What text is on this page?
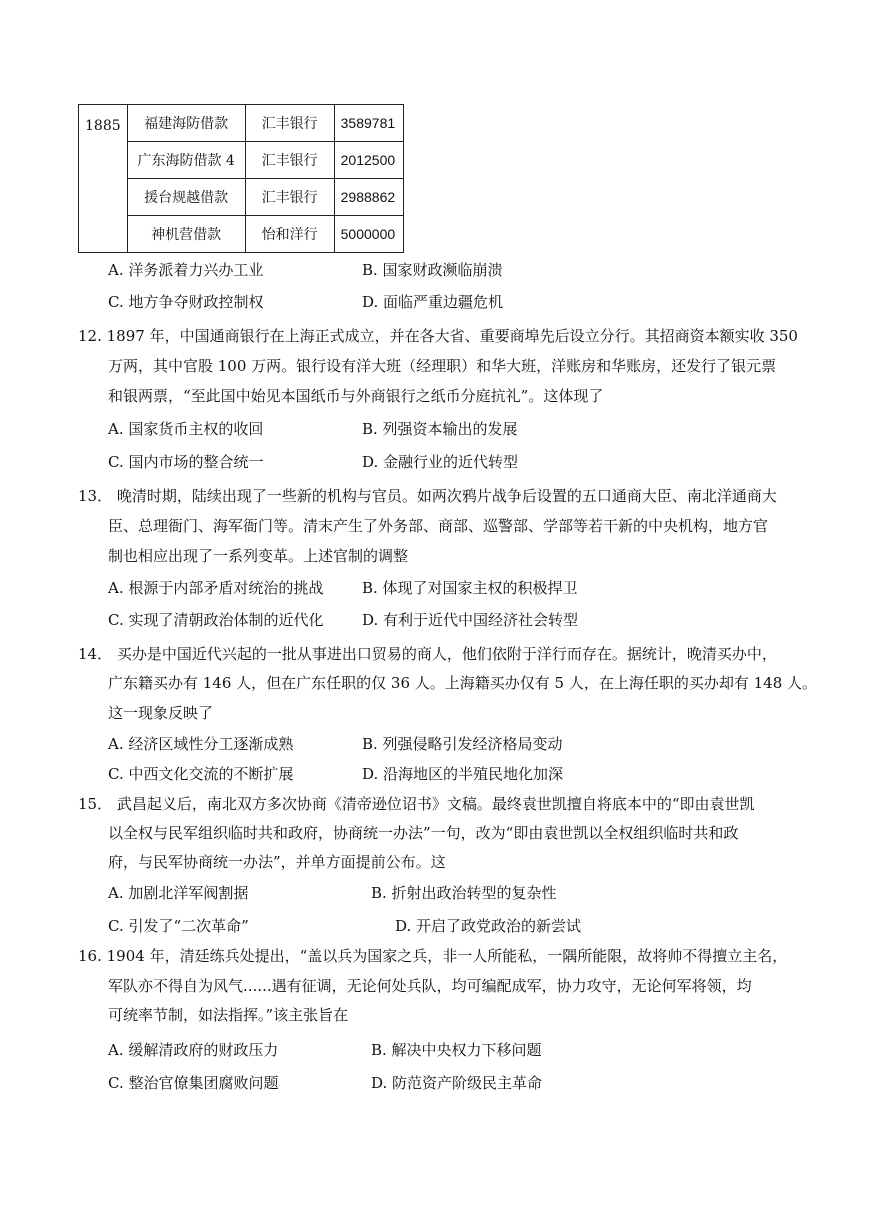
1885	福建海防借款	汇丰银行	3589781
	广东海防借款 4	汇丰银行	2012500
	援台规越借款	汇丰银行	2988862
	神机营借款	怡和洋行	5000000
A. 洋务派着力兴办工业	B. 国家财政濒临崩溃
C. 地方争夺财政控制权	D. 面临严重边疆危机
12. 1897 年，中国通商银行在上海正式成立，并在各大省、重要商埠先后设立分行。其招商资本额实收 350
万两，其中官股 100 万两。银行设有洋大班（经理职）和华大班，洋账房和华账房，还发行了银元票
和银两票，“至此国中始见本国纸币与外商银行之纸币分庭抗礼”。这体现了
A. 国家货币主权的收回	B. 列强资本输出的发展
C. 国内市场的整合统一	D. 金融行业的近代转型
13． 晚清时期，陆续出现了一些新的机构与官员。如两次鸦片战争后设置的五口通商大臣、南北洋通商大
臣、总理衙门、海军衙门等。清末产生了外务部、商部、巡警部、学部等若干新的中央机构，地方官
制也相应出现了一系列变革。上述官制的调整
A. 根源于内部矛盾对统治的挑战	B. 体现了对国家主权的积极捍卫
C. 实现了清朝政治体制的近代化	D. 有利于近代中国经济社会转型
14． 买办是中国近代兴起的一批从事进出口贸易的商人，他们依附于洋行而存在。据统计，晚清买办中，
广东籍买办有 146 人，但在广东任职的仅 36 人。上海籍买办仅有 5 人，在上海任职的买办却有 148 人。
这一现象反映了
A. 经济区域性分工逐渐成熟	B. 列强侵略引发经济格局变动
C. 中西文化交流的不断扩展	D. 沿海地区的半殖民地化加深
15． 武昌起义后，南北双方多次协商《清帝逊位诏书》文稿。最终袁世凯擅自将底本中的“即由袁世凯
以全权与民军组织临时共和政府，协商统一办法”一句，改为“即由袁世凯以全权组织临时共和政
府，与民军协商统一办法”，并单方面提前公布。这
A. 加剧北洋军阀割据	B. 折射出政治转型的复杂性
C. 引发了“二次革命”	D. 开启了政党政治的新尝试
16. 1904 年，清廷练兵处提出，“盖以兵为国家之兵，非一人所能私，一隅所能限，故将帅不得擅立主名，
军队亦不得自为风气......遇有征调，无论何处兵队，均可编配成军，协力攻守，无论何军将领，均
可统率节制，如法指挥。”该主张旨在
A. 缓解清政府的财政压力	B. 解决中央权力下移问题
C. 整治官僚集团腐败问题	D. 防范资产阶级民主革命
